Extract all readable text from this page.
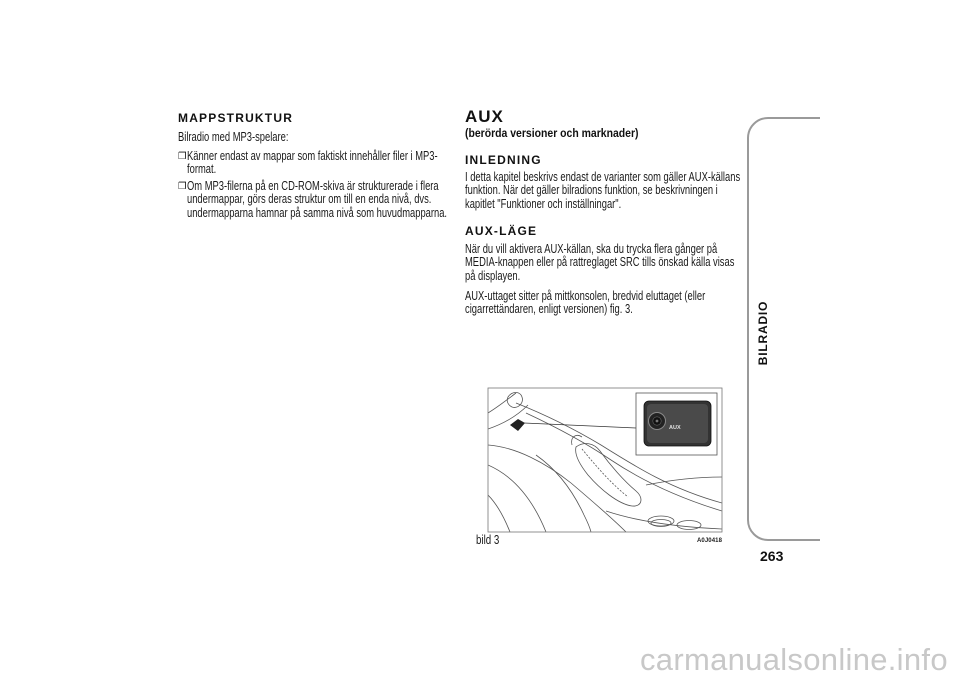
MAPPSTRUKTUR
Bilradio med MP3-spelare:
❒ Känner endast av mappar som faktiskt innehåller filer i MP3-
format.
❒ Om MP3-filerna på en CD-ROM-skiva är strukturerade i flera
undermappar, görs deras struktur om till en enda nivå, dvs.
undermapparna hamnar på samma nivå som huvudmapparna.
AUX
(berörda versioner och marknader)
INLEDNING
I detta kapitel beskrivs endast de varianter som gäller AUX-källans
funktion. När det gäller bilradions funktion, se beskrivningen i
kapitlet "Funktioner och inställningar".
AUX-LÄGE
När du vill aktivera AUX-källan, ska du trycka flera gånger på
MEDIA-knappen eller på rattreglaget SRC tills önskad källa visas
på displayen.
AUX-uttaget sitter på mittkonsolen, bredvid eluttaget (eller
cigarrettändaren, enligt versionen) fig. 3.
AUX
bild 3	A0J0418
BILRADIO
263
carmanualsonline.info
